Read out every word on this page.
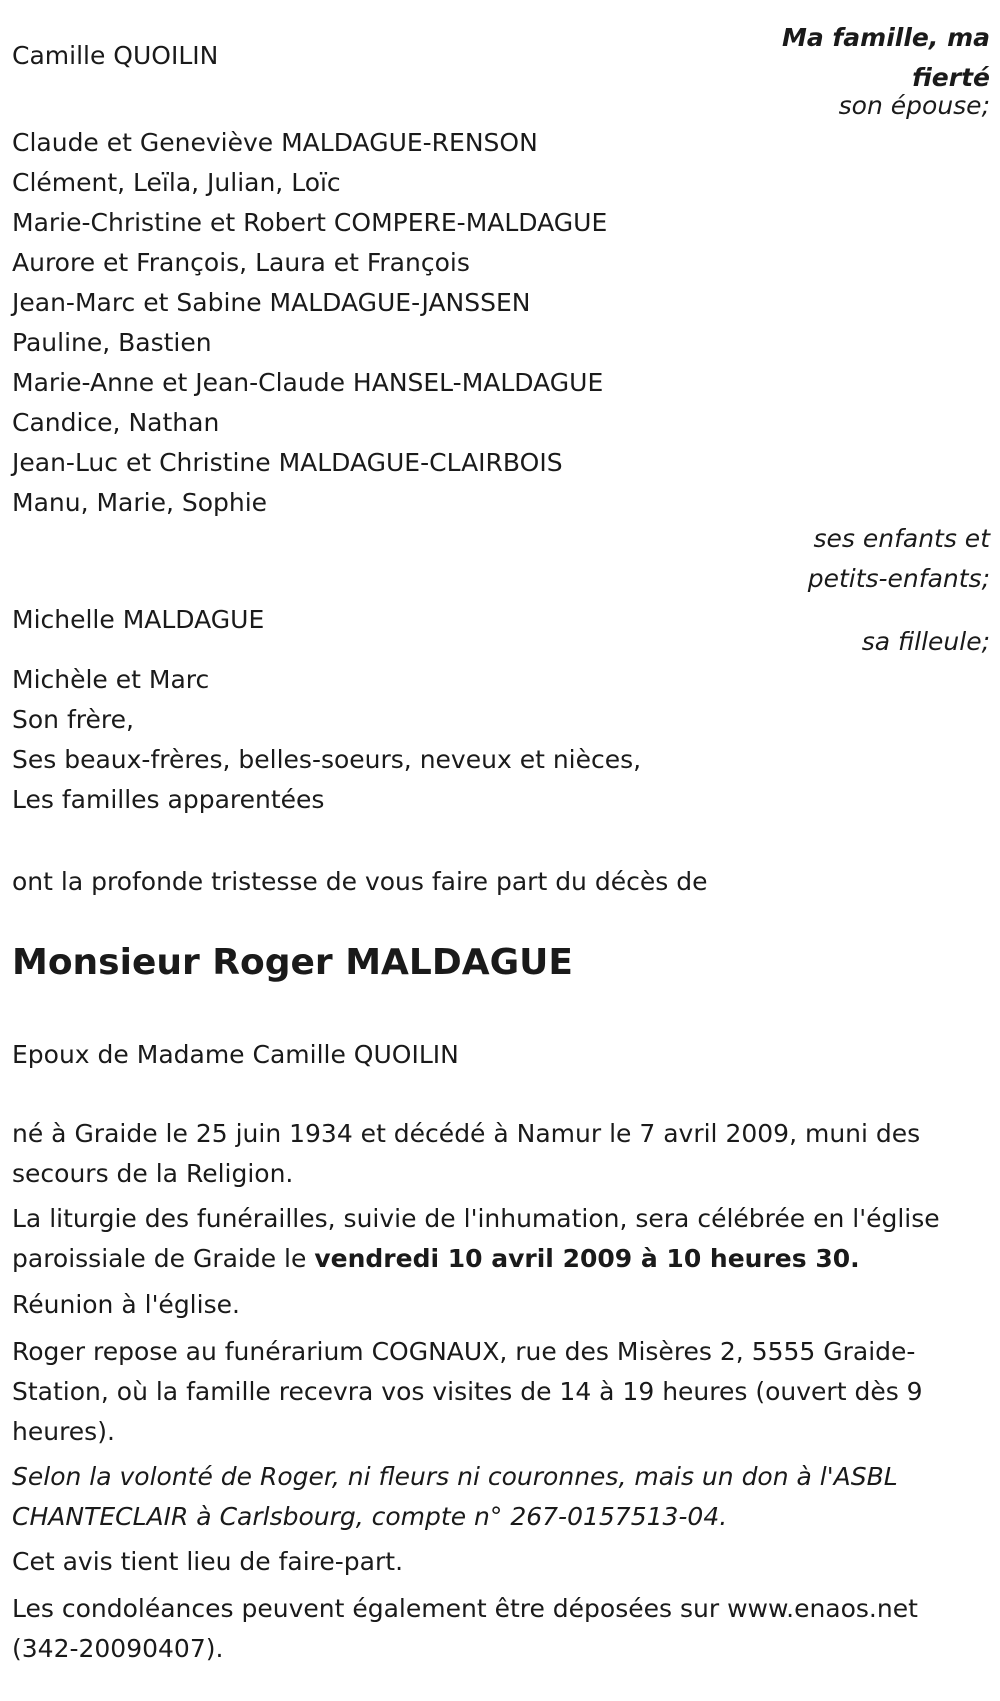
Camille QUOILIN
Ma famille, ma
fierté
son épouse;
Claude et Geneviève MALDAGUE-RENSON
Clément, Leïla, Julian, Loïc
Marie-Christine et Robert COMPERE-MALDAGUE
Aurore et François, Laura et François
Jean-Marc et Sabine MALDAGUE-JANSSEN
Pauline, Bastien
Marie-Anne et Jean-Claude HANSEL-MALDAGUE
Candice, Nathan
Jean-Luc et Christine MALDAGUE-CLAIRBOIS
Manu, Marie, Sophie
ses enfants et
petits-enfants;
Michelle MALDAGUE
sa filleule;
Michèle et Marc
Son frère,
Ses beaux-frères, belles-soeurs, neveux et nièces,
Les familles apparentées
ont la profonde tristesse de vous faire part du décès de
Monsieur Roger MALDAGUE
Epoux de Madame Camille QUOILIN
né à Graide le 25 juin 1934 et décédé à Namur le 7 avril 2009, muni des secours de la Religion.
La liturgie des funérailles, suivie de l'inhumation, sera célébrée en l'église paroissiale de Graide le vendredi 10 avril 2009 à 10 heures 30.
Réunion à l'église.
Roger repose au funérarium COGNAUX, rue des Misères 2, 5555 Graide-Station, où la famille recevra vos visites de 14 à 19 heures (ouvert dès 9 heures).
Selon la volonté de Roger, ni fleurs ni couronnes, mais un don à l'ASBL CHANTECLAIR à Carlsbourg, compte n° 267-0157513-04.
Cet avis tient lieu de faire-part.
Les condoléances peuvent également être déposées sur www.enaos.net (342-20090407).
